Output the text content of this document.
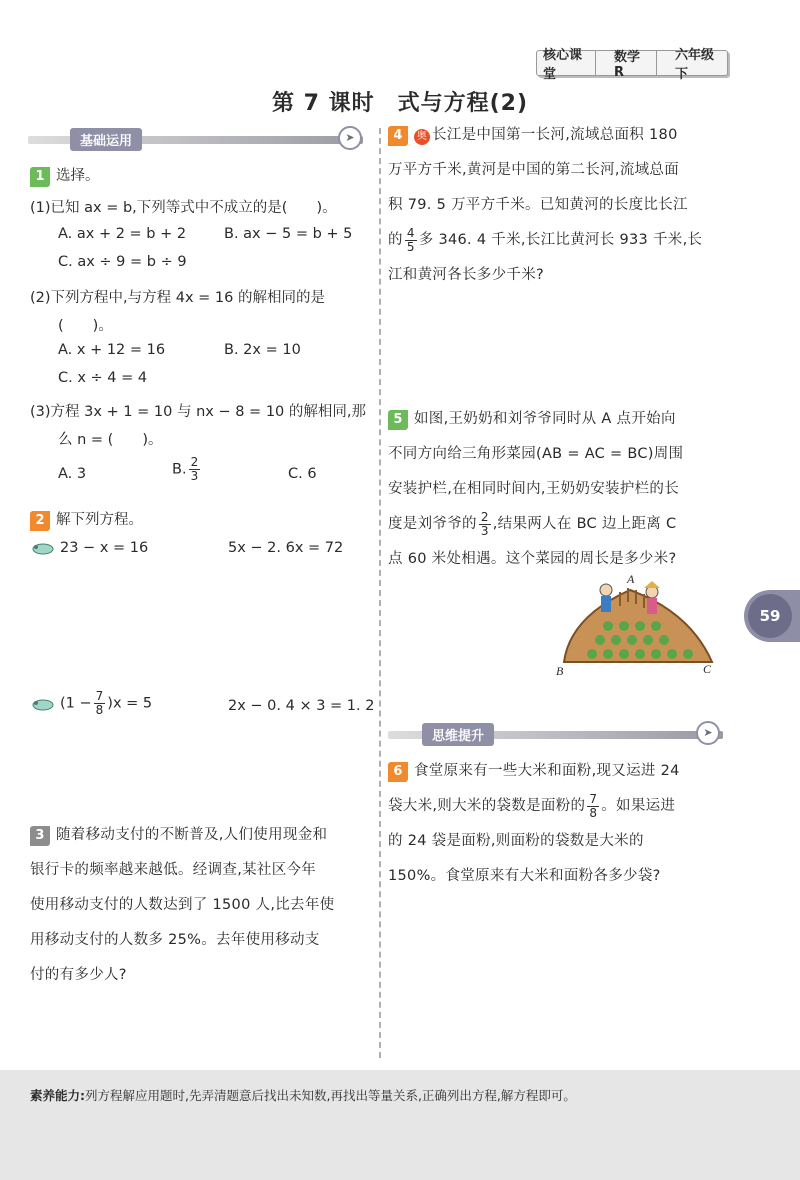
核心课堂
数学 R
六年级下
第 7 课时　式与方程(2)
基础运用	➤
1 选择。
(1)已知 ax = b,下列等式中不成立的是(　　)。
A. ax + 2 = b + 2	B. ax − 5 = b + 5
C. ax ÷ 9 = b ÷ 9
(2)下列方程中,与方程 4x = 16 的解相同的是
(　　)。
A. x + 12 = 16	B. 2x = 10
C. x ÷ 4 = 4
(3)方程 3x + 1 = 10 与 nx − 8 = 10 的解相同,那
么 n = (　　)。
A. 3	B. $\frac{2}{3}$	C. 6
2 解下列方程。
23 − x = 16	5x − 2. 6x = 72
$(1 - \frac{7}{8} )x = 5$	2x − 0. 4 × 3 = 1. 2
3 随着移动支付的不断普及,人们使用现金和
银行卡的频率越来越低。经调查,某社区今年
使用移动支付的人数达到了 1500 人,比去年使
用移动支付的人数多 25%。去年使用移动支
付的有多少人?
4 奥 长江是中国第一长河,流域总面积 180
万平方千米,黄河是中国的第二长河,流域总面
积 79. 5 万平方千米。已知黄河的长度比长江
的 $\frac{4}{5}$ 多 346. 4 千米,长江比黄河长 933 千米,长
江和黄河各长多少千米?
5 如图,王奶奶和刘爷爷同时从 A 点开始向
不同方向给三角形菜园(AB = AC = BC)周围
安装护栏,在相同时间内,王奶奶安装护栏的长
度是刘爷爷的 $\frac{2}{3}$ ,结果两人在 BC 边上距离 C
点 60 米处相遇。这个菜园的周长是多少米?
A
B	C
59
思维提升	➤
6 食堂原来有一些大米和面粉,现又运进 24
袋大米,则大米的袋数是面粉的 $\frac{7}{8}$ 。如果运进
的 24 袋是面粉,则面粉的袋数是大米的
150%。食堂原来有大米和面粉各多少袋?
素养能力:列方程解应用题时,先弄清题意后找出未知数,再找出等量关系,正确列出方程,解方程即可。
